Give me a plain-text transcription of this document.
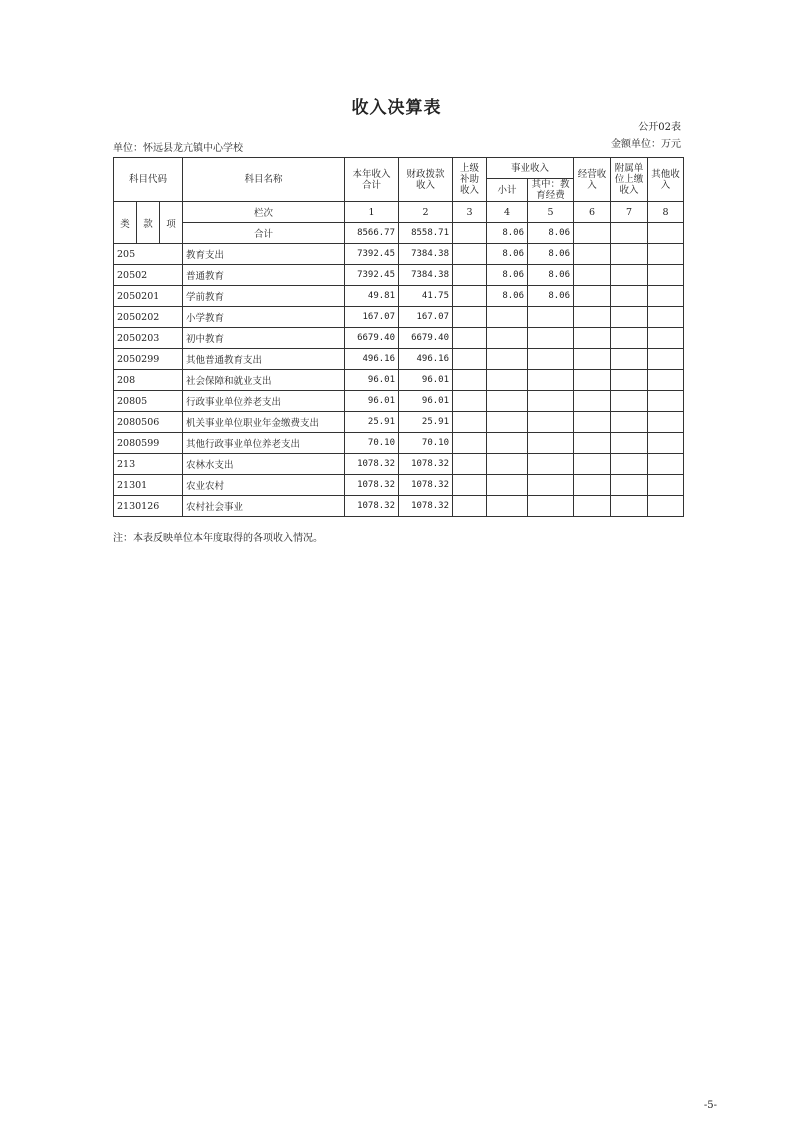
收入决算表
公开02表
金额单位：万元
单位：怀远县龙亢镇中心学校
科目代码			科目名称	本年收入合计	财政拨款收入	上级补助收入	事业收入		经营收入	附属单位上缴收入	其他收入
							小计	其中：教育经费			
类	款	项	栏次	1	2	3	4	5	6	7	8
			合计	8566.77	8558.71		8.06	8.06			
205			教育支出	7392.45	7384.38		8.06	8.06			
20502			普通教育	7392.45	7384.38		8.06	8.06			
2050201			学前教育	49.81	41.75		8.06	8.06			
2050202			小学教育	167.07	167.07						
2050203			初中教育	6679.40	6679.40						
2050299			其他普通教育支出	496.16	496.16						
208			社会保障和就业支出	96.01	96.01						
20805			行政事业单位养老支出	96.01	96.01						
2080506			机关事业单位职业年金缴费支出	25.91	25.91						
2080599			其他行政事业单位养老支出	70.10	70.10						
213			农林水支出	1078.32	1078.32						
21301			农业农村	1078.32	1078.32						
2130126			农村社会事业	1078.32	1078.32						
注：本表反映单位本年度取得的各项收入情况。
-5-
